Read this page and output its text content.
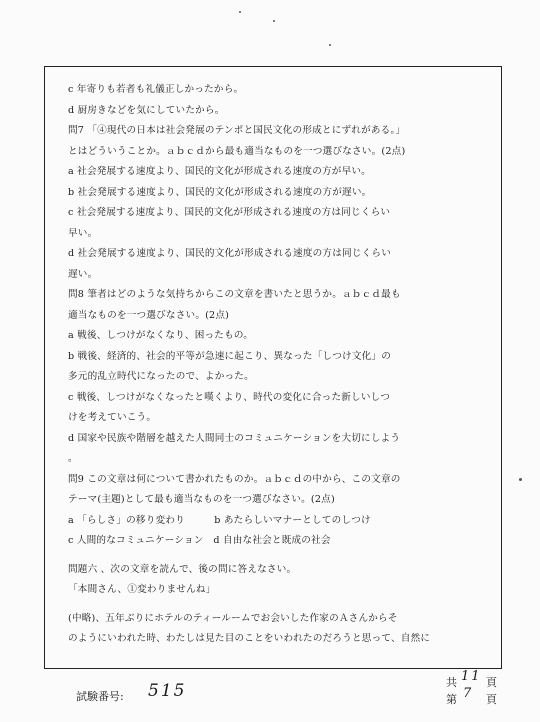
c 年寄りも若者も礼儀正しかったから。
d 厨房きなどを気にしていたから。
問7 「④現代の日本は社会発展のテンポと国民文化の形成とにずれがある。」
とはどういうことか。ａｂｃｄから最も適当なものを一つ選びなさい。(2点)
a 社会発展する速度より、国民的文化が形成される速度の方が早い。
b 社会発展する速度より、国民的文化が形成される速度の方が遅い。
c 社会発展する速度より、国民的文化が形成される速度の方は同じくらい
早い。
d 社会発展する速度より、国民的文化が形成される速度の方は同じくらい
遅い。
問8 筆者はどのような気持ちからこの文章を書いたと思うか。ａｂｃｄ最も
適当なものを一つ選びなさい。(2点)
a 戦後、しつけがなくなり、困ったもの。
b 戦後、経済的、社会的平等が急速に起こり、異なった「しつけ文化」の
多元的乱立時代になったので、よかった。
c 戦後、しつけがなくなったと嘆くより、時代の変化に合った新しいしつ
けを考えていこう。
d 国家や民族や階層を越えた人間同士のコミュニケーションを大切にしよう
。
問9 この文章は何について書かれたものか。ａｂｃｄの中から、この文章の
テーマ(主題)として最も適当なものを一つ選びなさい。(2点)
a 「らしさ」の移り変わり　　　b あたらしいマナーとしてのしつけ
c 人間的なコミュニケーション　d 自由な社会と既成の社会
問題六 、次の文章を読んで、後の問に答えなさい。
「本間さん、①変わりませんね」
(中略)、五年ぶりにホテルのティールームでお会いした作家のＡさんからそ
のようにいわれた時、わたしは見た目のことをいわれたのだろうと思って、自然に
試験番号: 515	共 11 頁
第 7 頁
